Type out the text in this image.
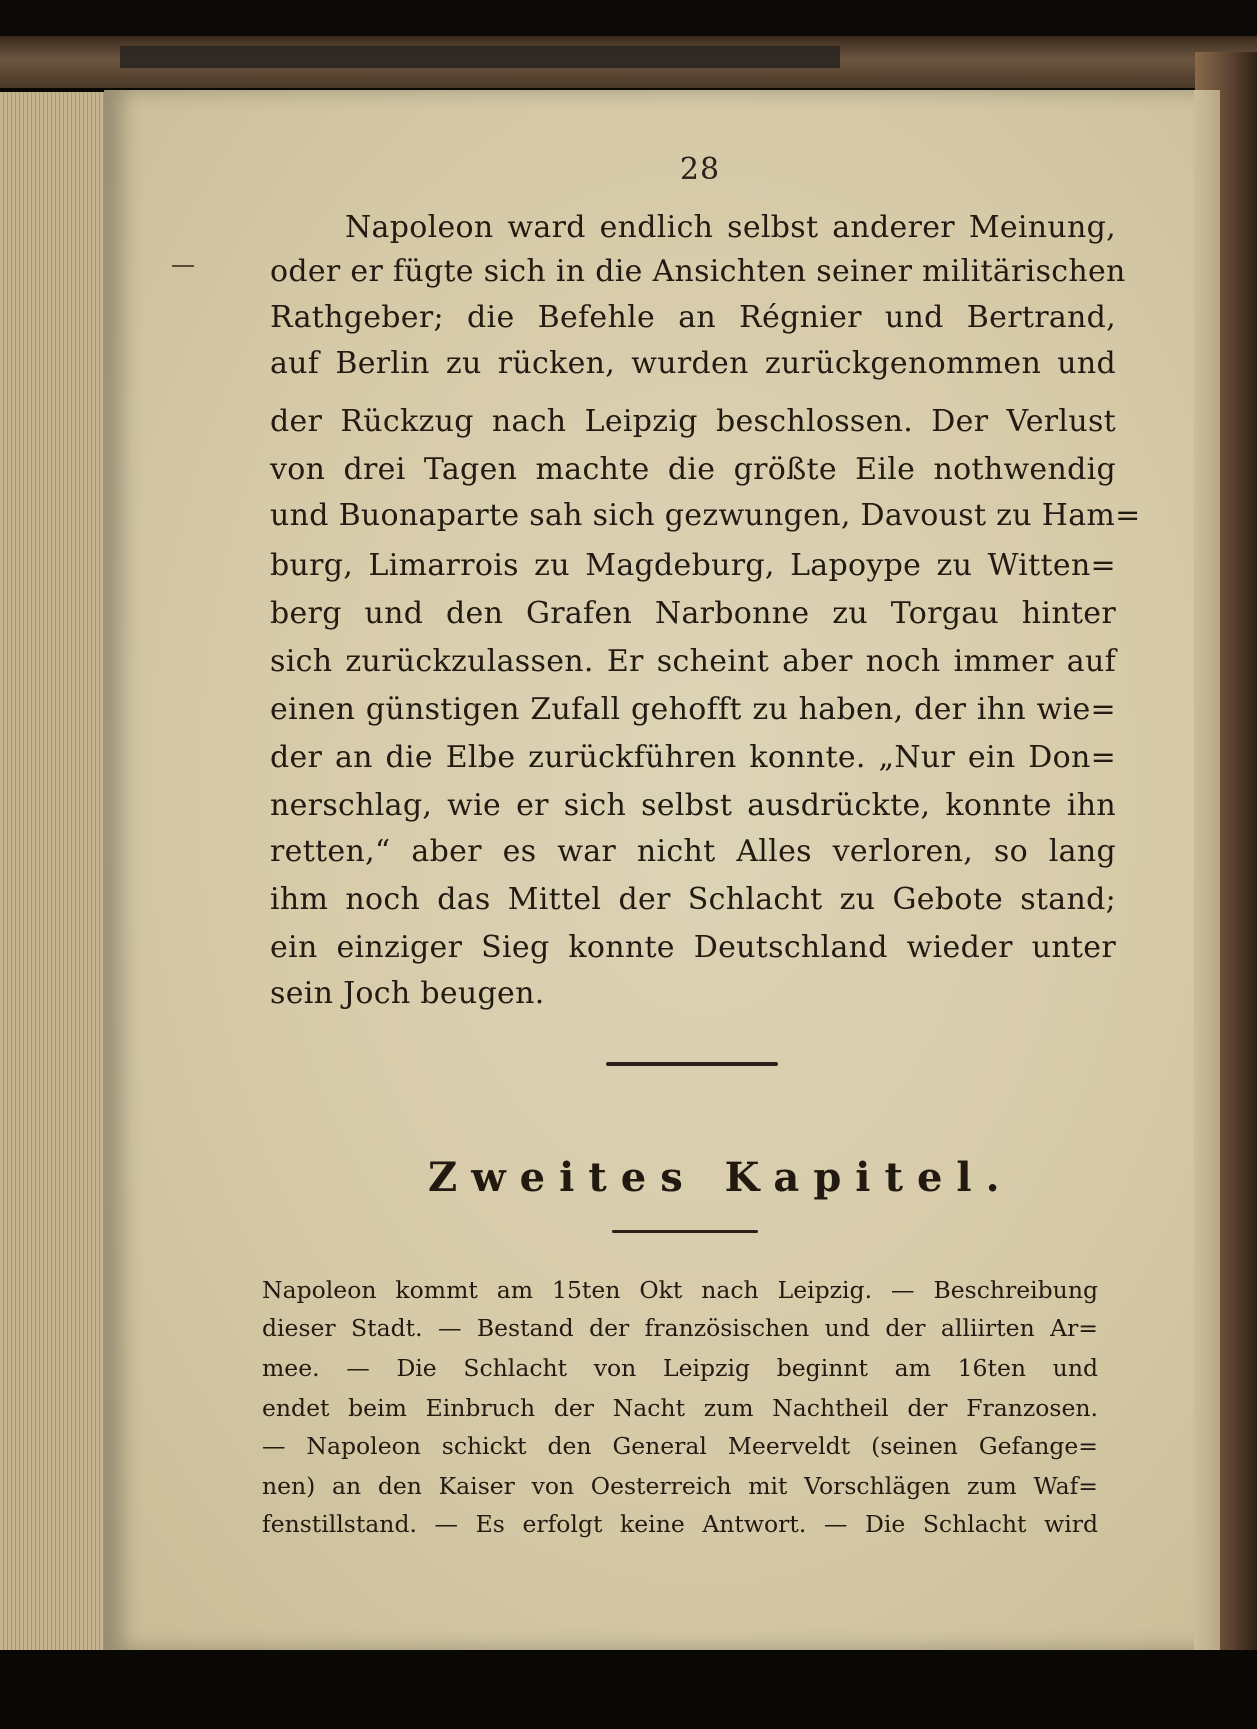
28
Napoleon ward endlich selbst anderer Meinung,
oder er fügte sich in die Ansichten seiner militärischen
Rathgeber; die Befehle an Régnier und Bertrand,
auf Berlin zu rücken, wurden zurückgenommen und
der Rückzug nach Leipzig beschlossen. Der Verlust
von drei Tagen machte die größte Eile nothwendig
und Buonaparte sah sich gezwungen, Davoust zu Ham=
burg, Limarrois zu Magdeburg, Lapoype zu Witten=
berg und den Grafen Narbonne zu Torgau hinter
sich zurückzulassen. Er scheint aber noch immer auf
einen günstigen Zufall gehofft zu haben, der ihn wie=
der an die Elbe zurückführen konnte. „Nur ein Don=
nerschlag, wie er sich selbst ausdrückte, konnte ihn
retten,“ aber es war nicht Alles verloren, so lang
ihm noch das Mittel der Schlacht zu Gebote stand;
ein einziger Sieg konnte Deutschland wieder unter
sein Joch beugen.
Zweites Kapitel.
Napoleon kommt am 15ten Okt nach Leipzig. — Beschreibung
dieser Stadt. — Bestand der französischen und der alliirten Ar=
mee. — Die Schlacht von Leipzig beginnt am 16ten und
endet beim Einbruch der Nacht zum Nachtheil der Franzosen.
— Napoleon schickt den General Meerveldt (seinen Gefange=
nen) an den Kaiser von Oesterreich mit Vorschlägen zum Waf=
fenstillstand. — Es erfolgt keine Antwort. — Die Schlacht wird
